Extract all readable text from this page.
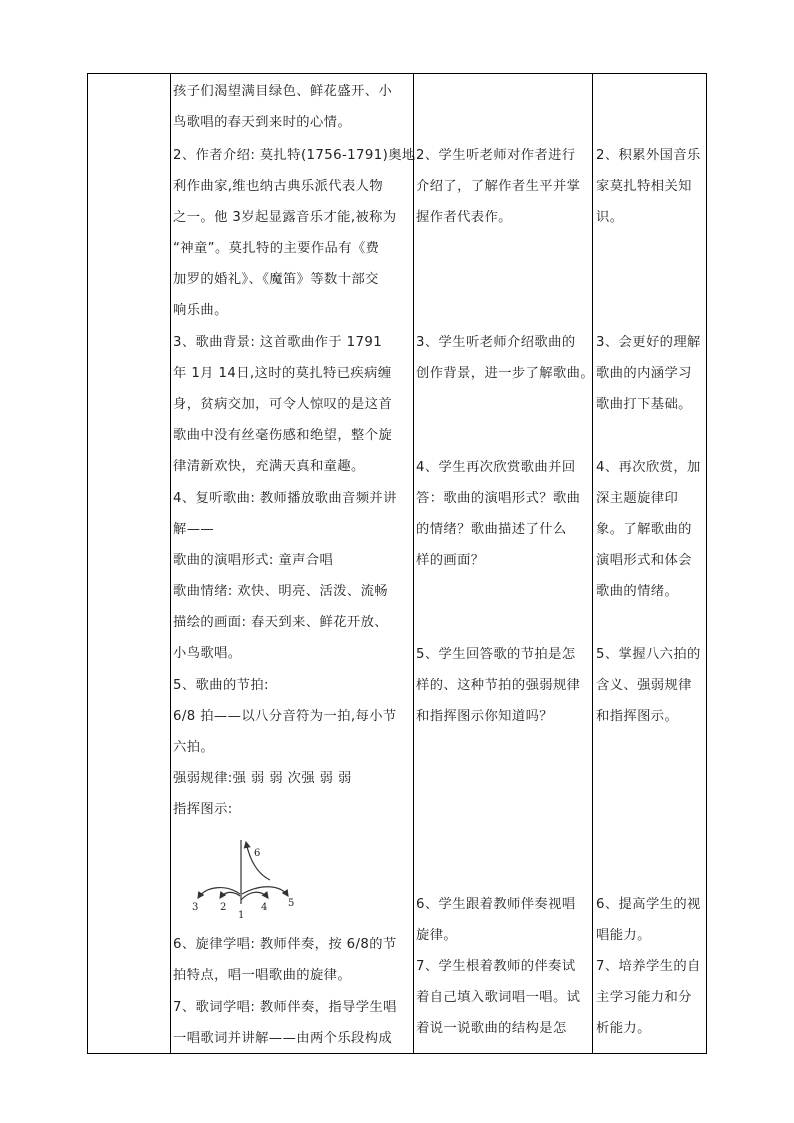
孩子们渴望满目绿色、鲜花盛开、小
鸟歌唱的春天到来时的心情。
2、作者介绍: 莫扎特(1756-1791)奥地
利作曲家,维也纳古典乐派代表人物
之一。他 3岁起显露音乐才能,被称为
“神童”。莫扎特的主要作品有《费
加罗的婚礼》、《魔笛》等数十部交
响乐曲。
3、歌曲背景: 这首歌曲作于 1791
年 1月 14日,这时的莫扎特已疾病缠
身，贫病交加，可令人惊叹的是这首
歌曲中没有丝毫伤感和绝望，整个旋
律清新欢快，充满天真和童趣。
4、复听歌曲: 教师播放歌曲音频并讲
解——
歌曲的演唱形式: 童声合唱
歌曲情绪: 欢快、明亮、活泼、流畅
描绘的画面: 春天到来、鲜花开放、
小鸟歌唱。
5、歌曲的节拍:
6/8 拍——以八分音符为一拍,每小节
六拍。
强弱规律:强 弱 弱 次强 弱 弱
指挥图示:
6、旋律学唱: 教师伴奏，按 6/8的节
拍特点，唱一唱歌曲的旋律。
7、歌词学唱: 教师伴奏，指导学生唱
一唱歌词并讲解——由两个乐段构成
2、学生听老师对作者进行
介绍了，了解作者生平并掌
握作者代表作。
3、学生听老师介绍歌曲的
创作背景，进一步了解歌曲。
4、学生再次欣赏歌曲并回
答：歌曲的演唱形式？歌曲
的情绪？歌曲描述了什么
样的画面？
5、学生回答歌的节拍是怎
样的、这种节拍的强弱规律
和指挥图示你知道吗？
6、学生跟着教师伴奏视唱
旋律。
7、学生根着教师的伴奏试
着自己填入歌词唱一唱。试
着说一说歌曲的结构是怎
2、积累外国音乐
家莫扎特相关知
识。
3、会更好的理解
歌曲的内涵学习
歌曲打下基础。
4、再次欣赏，加
深主题旋律印
象。了解歌曲的
演唱形式和体会
歌曲的情绪。
5、掌握八六拍的
含义、强弱规律
和指挥图示。
6、提高学生的视
唱能力。
7、培养学生的自
主学习能力和分
析能力。
1
2
3	4 5
6
